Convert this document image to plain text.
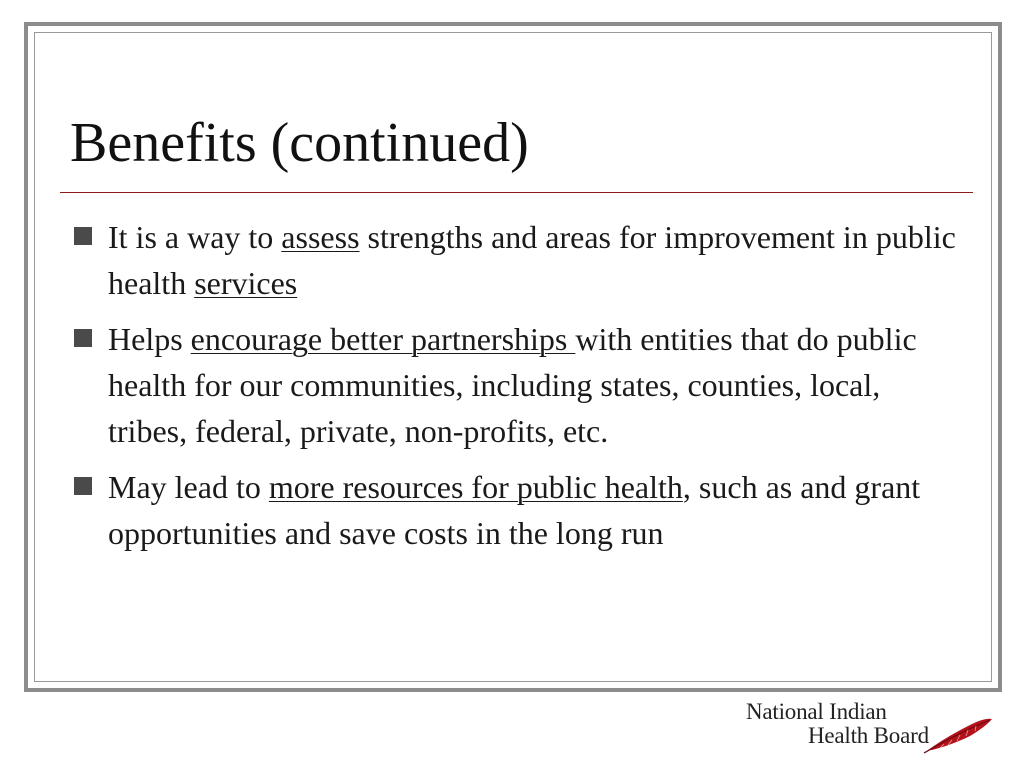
Benefits (continued)
It is a way to assess strengths and areas for improvement in public health services
Helps encourage better partnerships with entities that do public health for our communities, including states, counties, local, tribes, federal, private, non-profits, etc.
May lead to more resources for public health, such as and grant opportunities and save costs in the long run
National Indian
Health Board
